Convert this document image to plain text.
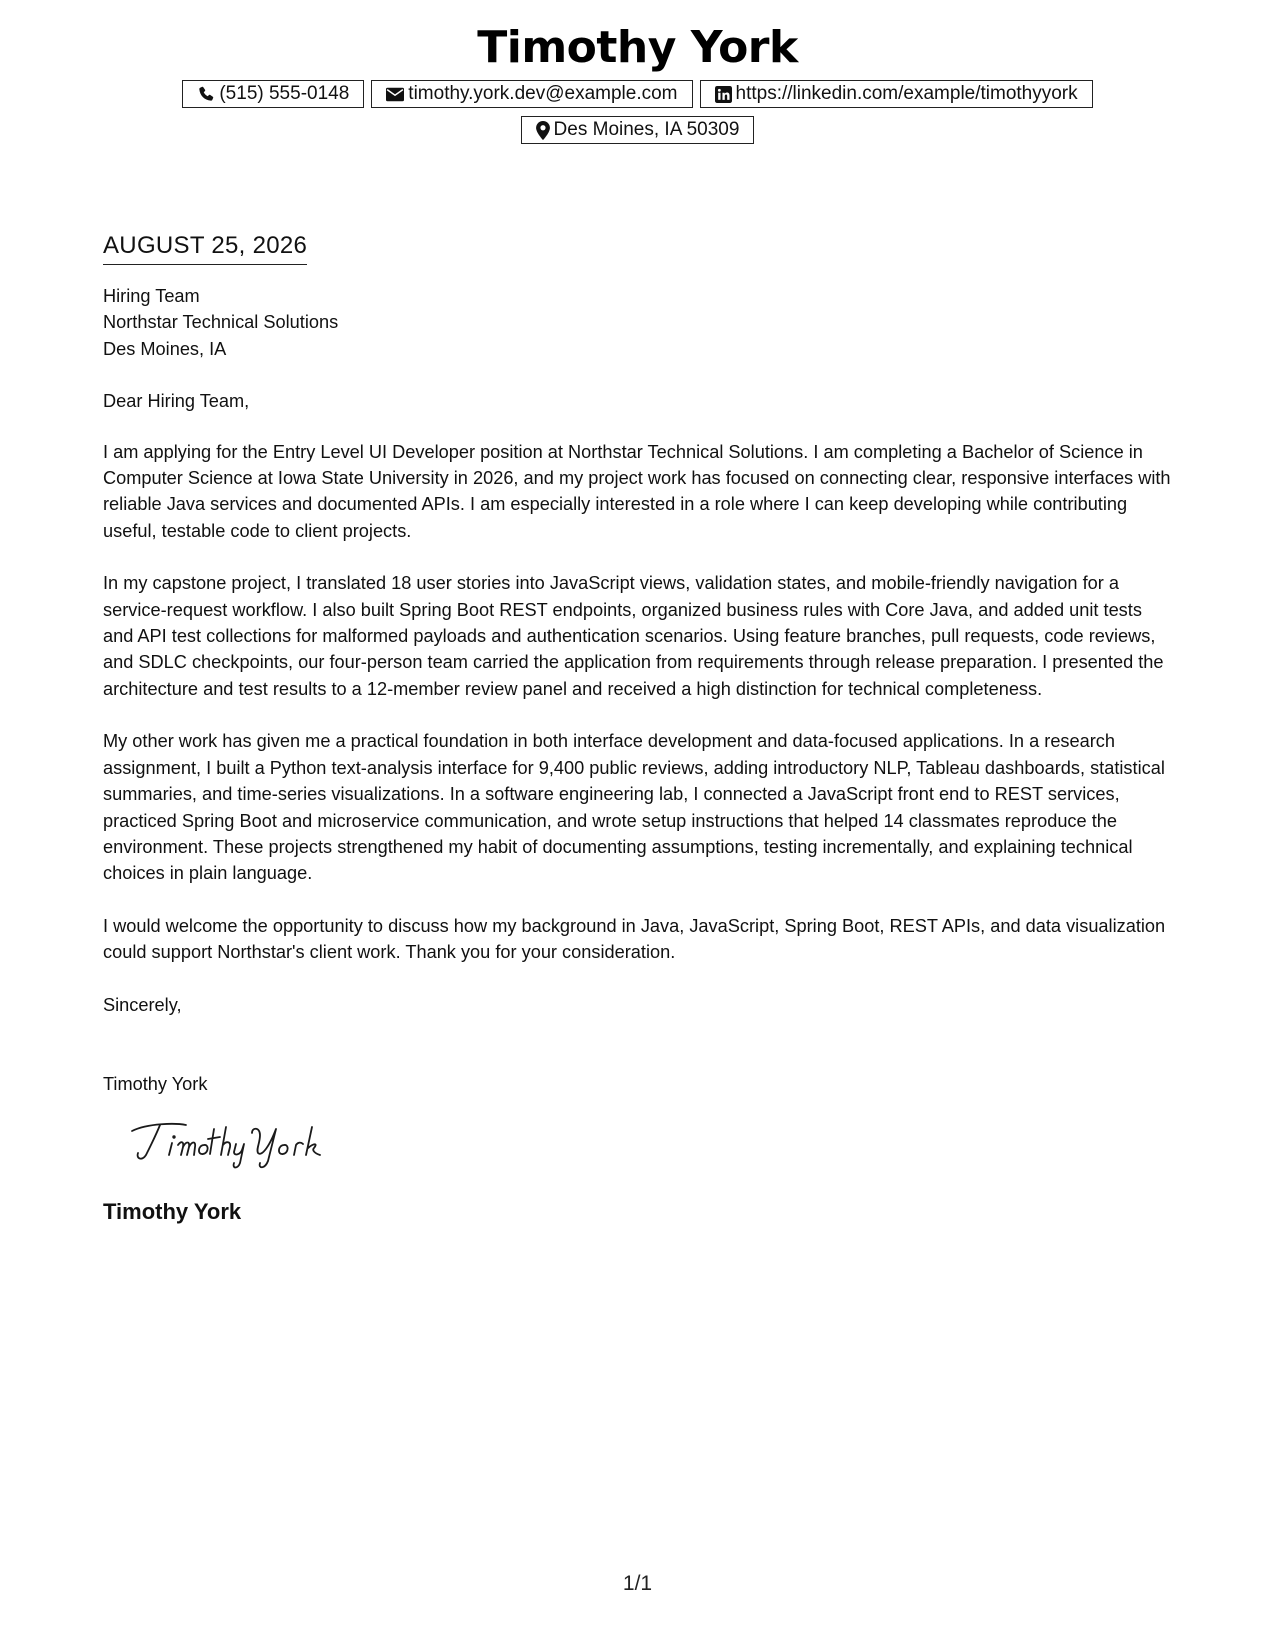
Timothy York
(515) 555-0148	timothy.york.dev@example.com	https://linkedin.com/example/timothyyork
Des Moines, IA 50309
AUGUST 25, 2026

Hiring Team

Northstar Technical Solutions

Des Moines, IA

Dear Hiring Team,

I am applying for the Entry Level UI Developer position at Northstar Technical Solutions. I am completing a Bachelor of Science in Computer Science at Iowa State University in 2026, and my project work has focused on connecting clear, responsive interfaces with reliable Java services and documented APIs. I am especially interested in a role where I can keep developing while contributing useful, testable code to client projects.

In my capstone project, I translated 18 user stories into JavaScript views, validation states, and mobile-friendly navigation for a service-request workflow. I also built Spring Boot REST endpoints, organized business rules with Core Java, and added unit tests and API test collections for malformed payloads and authentication scenarios. Using feature branches, pull requests, code reviews, and SDLC checkpoints, our four-person team carried the application from requirements through release preparation. I presented the architecture and test results to a 12-member review panel and received a high distinction for technical completeness.

My other work has given me a practical foundation in both interface development and data-focused applications. In a research assignment, I built a Python text-analysis interface for 9,400 public reviews, adding introductory NLP, Tableau dashboards, statistical summaries, and time-series visualizations. In a software engineering lab, I connected a JavaScript front end to REST services, practiced Spring Boot and microservice communication, and wrote setup instructions that helped 14 classmates reproduce the environment. These projects strengthened my habit of documenting assumptions, testing incrementally, and explaining technical choices in plain language.

I would welcome the opportunity to discuss how my background in Java, JavaScript, Spring Boot, REST APIs, and data visualization could support Northstar's client work. Thank you for your consideration.

Sincerely,

Timothy York

Timothy York
1/1
